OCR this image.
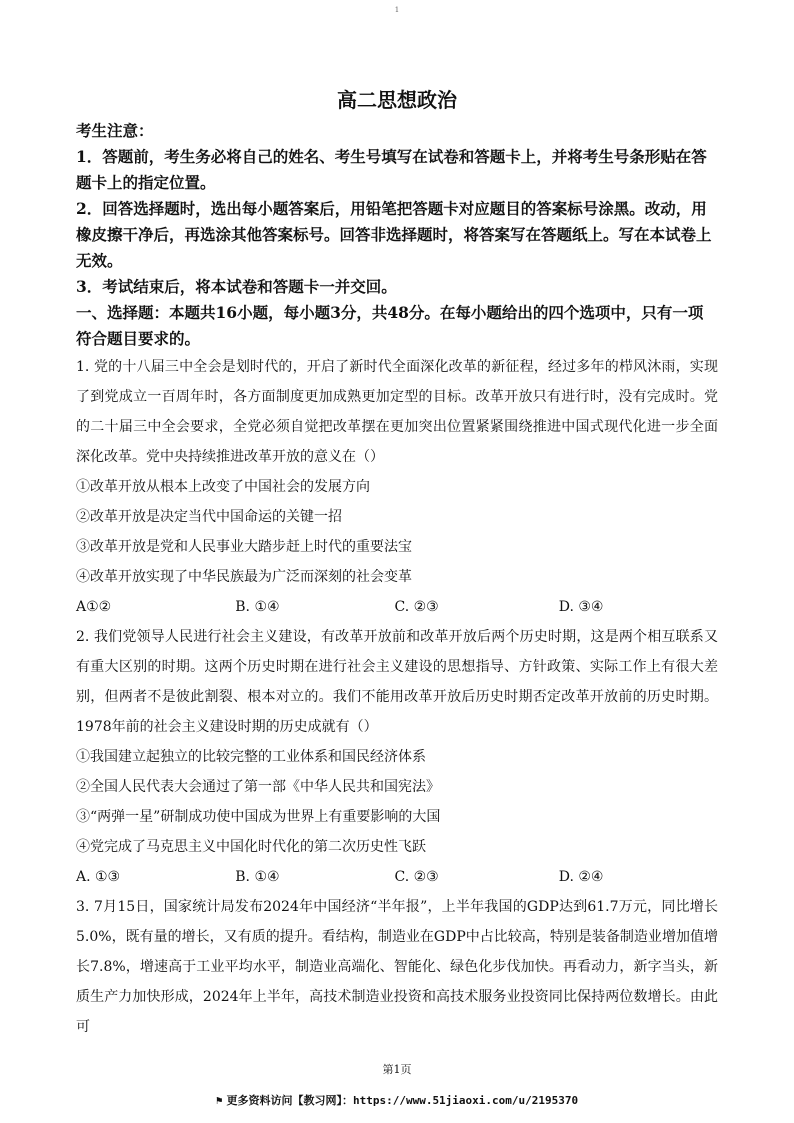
1
高二思想政治
考生注意：
1．答题前，考生务必将自己的姓名、考生号填写在试卷和答题卡上，并将考生号条形贴在答题卡上的指定位置。
2．回答选择题时，选出每小题答案后，用铅笔把答题卡对应题目的答案标号涂黑。改动，用橡皮擦干净后，再选涂其他答案标号。回答非选择题时，将答案写在答题纸上。写在本试卷上无效。
3．考试结束后，将本试卷和答题卡一并交回。
一、选择题：本题共16小题，每小题3分，共48分。在每小题给出的四个选项中，只有一项符合题目要求的。
1. 党的十八届三中全会是划时代的，开启了新时代全面深化改革的新征程，经过多年的栉风沐雨，实现了到党成立一百周年时，各方面制度更加成熟更加定型的目标。改革开放只有进行时，没有完成时。党的二十届三中全会要求，全党必须自觉把改革摆在更加突出位置紧紧围绕推进中国式现代化进一步全面深化改革。党中央持续推进改革开放的意义在（）
①改革开放从根本上改变了中国社会的发展方向
②改革开放是决定当代中国命运的关键一招
③改革开放是党和人民事业大踏步赶上时代的重要法宝
④改革开放实现了中华民族最为广泛而深刻的社会变革
A①②	B. ①④	C. ②③	D. ③④
2. 我们党领导人民进行社会主义建设，有改革开放前和改革开放后两个历史时期，这是两个相互联系又有重大区别的时期。这两个历史时期在进行社会主义建设的思想指导、方针政策、实际工作上有很大差别，但两者不是彼此割裂、根本对立的。我们不能用改革开放后历史时期否定改革开放前的历史时期。1978年前的社会主义建设时期的历史成就有（）
①我国建立起独立的比较完整的工业体系和国民经济体系
②全国人民代表大会通过了第一部《中华人民共和国宪法》
③“两弹一星”研制成功使中国成为世界上有重要影响的大国
④党完成了马克思主义中国化时代化的第二次历史性飞跃
A. ①③	B. ①④	C. ②③	D. ②④
3. 7月15日，国家统计局发布2024年中国经济“半年报”，上半年我国的GDP达到61.7万元，同比增长5.0%，既有量的增长，又有质的提升。看结构，制造业在GDP中占比较高，特别是装备制造业增加值增长7.8%，增速高于工业平均水平，制造业高端化、智能化、绿色化步伐加快。再看动力，新字当头，新质生产力加快形成，2024年上半年，高技术制造业投资和高技术服务业投资同比保持两位数增长。由此可
第1页
⚑ 更多资料访问【教习网】：https://www.51jiaoxi.com/u/2195370
